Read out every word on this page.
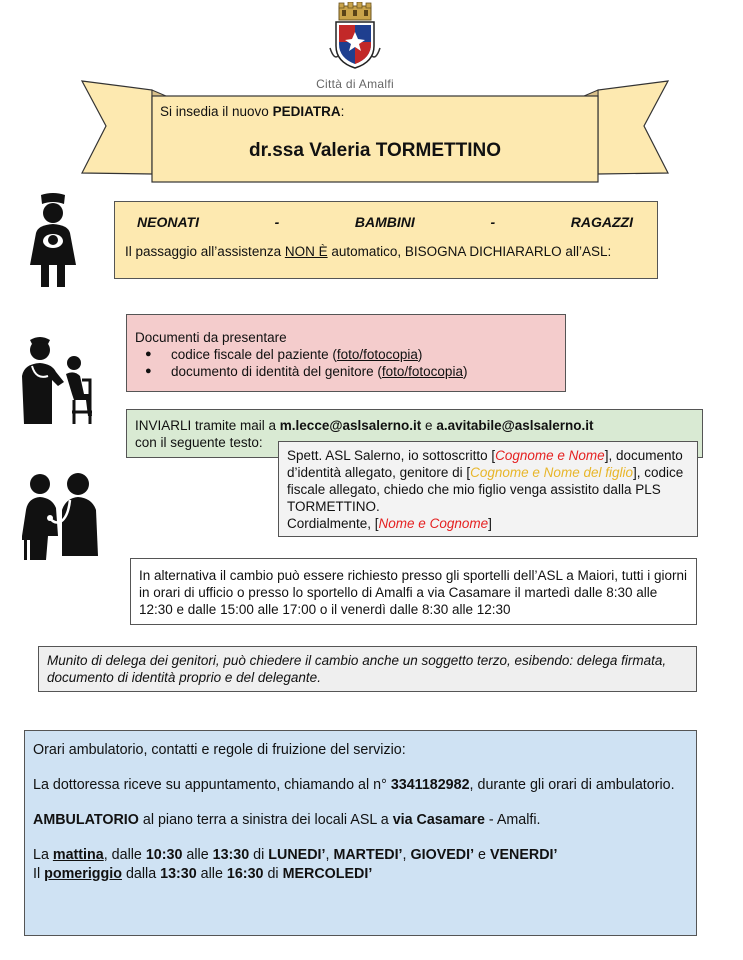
Città di Amalfi
Si insedia il nuovo PEDIATRA:
dr.ssa Valeria TORMETTINO
NEONATI	-	BAMBINI	-	RAGAZZI
Il passaggio all’assistenza NON È automatico, BISOGNA DICHIARARLO all’ASL:
Documenti da presentare
● codice fiscale del paziente (foto/fotocopia)
● documento di identità del genitore (foto/fotocopia)
INVIARLI tramite mail a m.lecce@aslsalerno.it e a.avitabile@aslsalerno.it
con il seguente testo:
Spett. ASL Salerno, io sottoscritto [Cognome e Nome], documento d’identità allegato, genitore di [Cognome e Nome del figlio], codice fiscale allegato, chiedo che mio figlio venga assistito dalla PLS TORMETTINO.
Cordialmente, [Nome e Cognome]
In alternativa il cambio può essere richiesto presso gli sportelli dell’ASL a Maiori, tutti i giorni in orari di ufficio o presso lo sportello di Amalfi a via Casamare il martedì dalle 8:30 alle 12:30 e dalle 15:00 alle 17:00 o il venerdì dalle 8:30 alle 12:30
Munito di delega dei genitori, può chiedere il cambio anche un soggetto terzo, esibendo: delega firmata, documento di identità proprio e del delegante.

Orari ambulatorio, contatti e regole di fruizione del servizio:

La dottoressa riceve su appuntamento, chiamando al n° 3341182982, durante gli orari di ambulatorio.

AMBULATORIO al piano terra a sinistra dei locali ASL a via Casamare - Amalfi.

La mattina, dalle 10:30 alle 13:30 di LUNEDI’, MARTEDI’, GIOVEDI’ e VENERDI’
Il pomeriggio dalla 13:30 alle 16:30 di MERCOLEDI’
